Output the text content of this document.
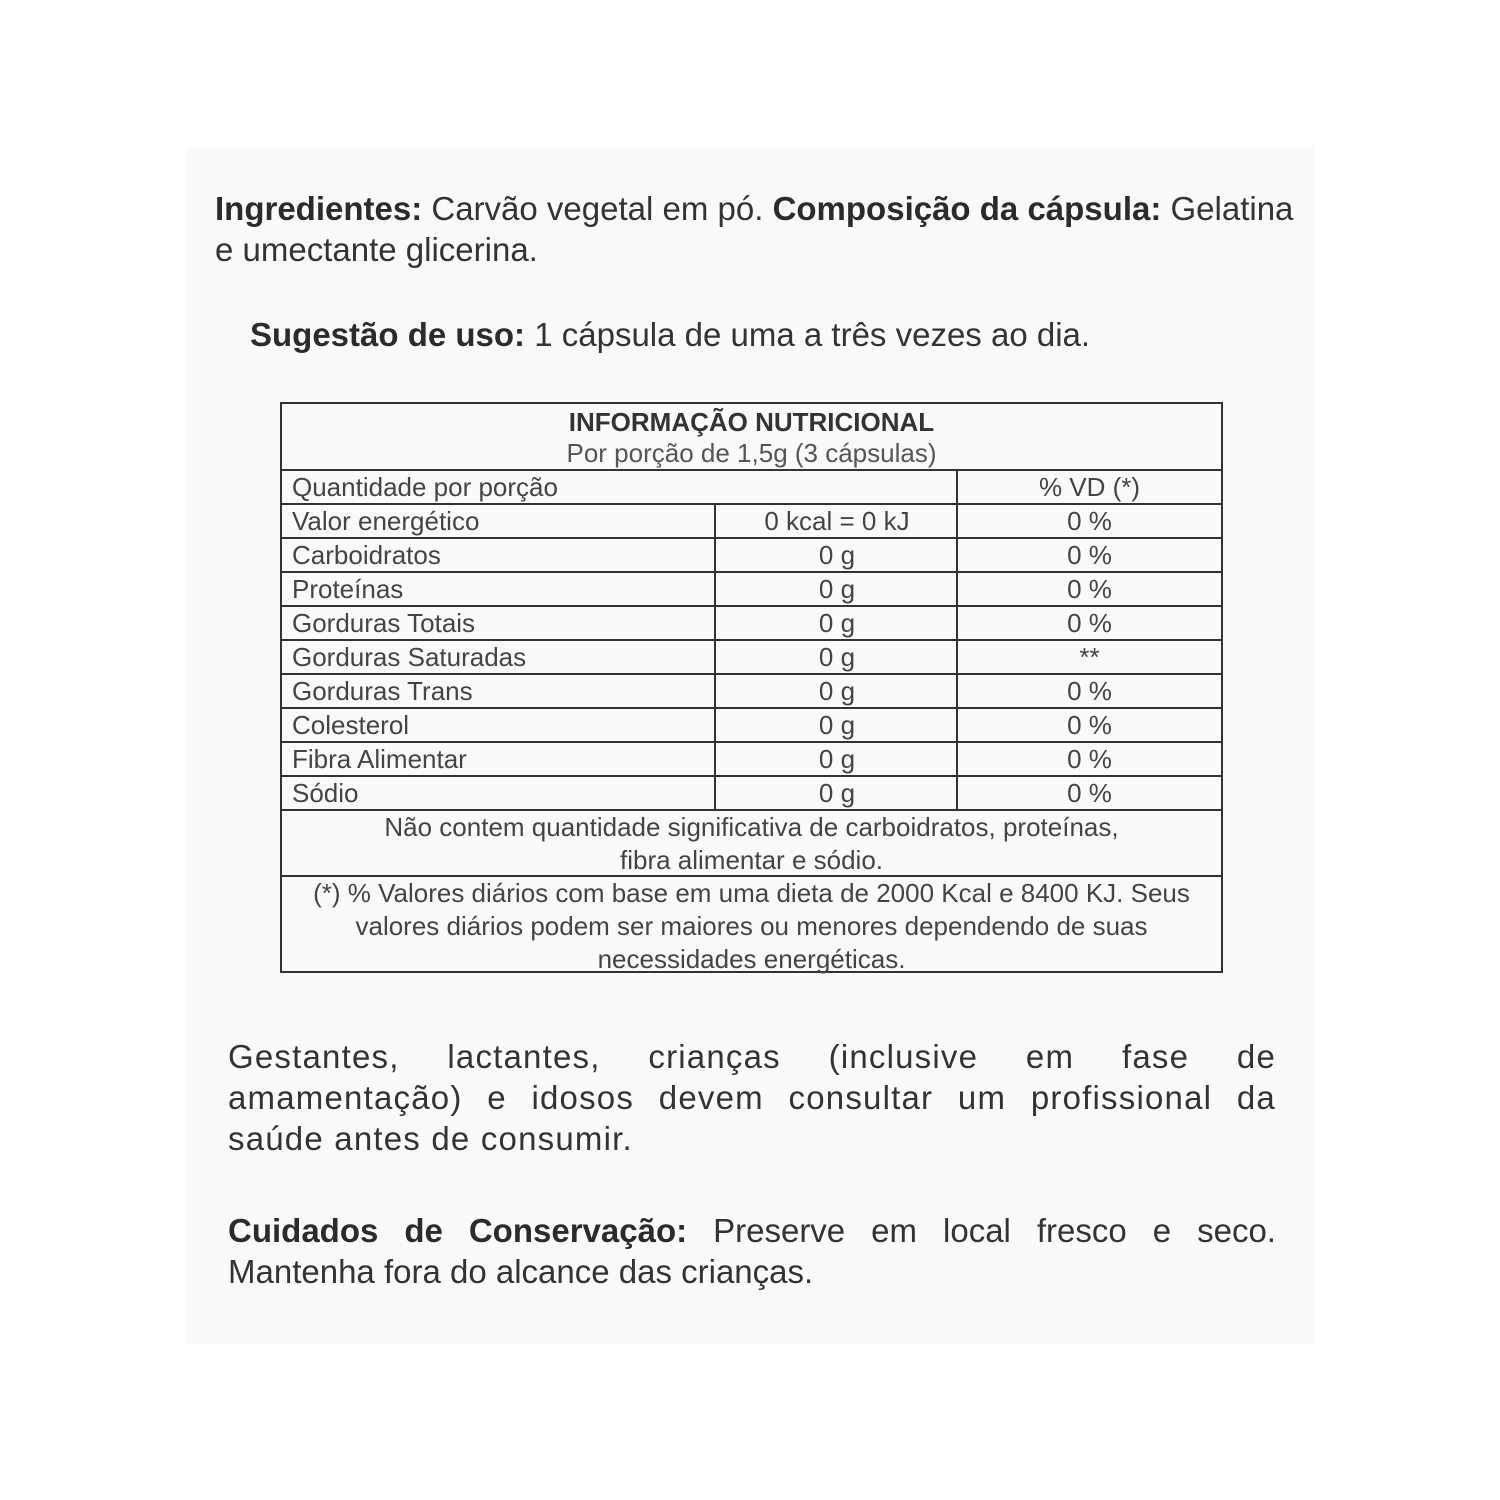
Ingredientes: Carvão vegetal em pó. Composição da cápsula: Gelatina e umectante glicerina.
Sugestão de uso: 1 cápsula de uma a três vezes ao dia.
INFORMAÇÃO NUTRICIONAL
Por porção de 1,5g (3 cápsulas)
Quantidade por porção	% VD (*)
Valor energético	0 kcal = 0 kJ	0 %
Carboidratos	0 g	0 %
Proteínas	0 g	0 %
Gorduras Totais	0 g	0 %
Gorduras Saturadas	0 g	**
Gorduras Trans	0 g	0 %
Colesterol	0 g	0 %
Fibra Alimentar	0 g	0 %
Sódio	0 g	0 %
Não contem quantidade significativa de carboidratos, proteínas, fibra alimentar e sódio.
(*) % Valores diários com base em uma dieta de 2000 Kcal e 8400 KJ. Seus valores diários podem ser maiores ou menores dependendo de suas necessidades energéticas.
Gestantes, lactantes, crianças (inclusive em fase de amamentação) e idosos devem consultar um profissional da saúde antes de consumir.
Cuidados de Conservação: Preserve em local fresco e seco. Mantenha fora do alcance das crianças.
